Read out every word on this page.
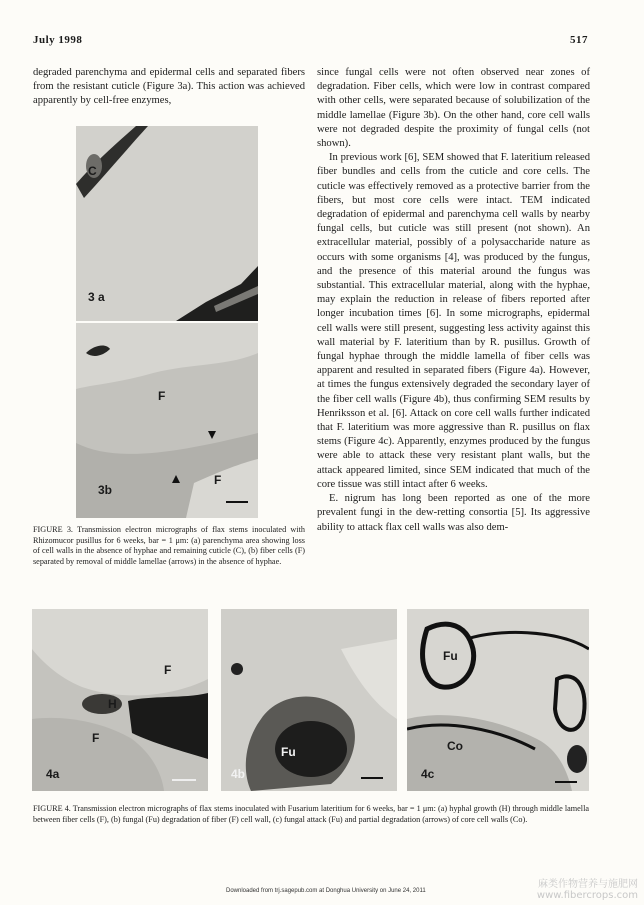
July 1998	517

degraded parenchyma and epidermal cells and separated fibers from the resistant cuticle (Figure 3a). This action was achieved apparently by cell-free enzymes,

C
3 a
F
F
3b
FIGURE 3. Transmission electron micrographs of flax stems inoculated with Rhizomucor pusillus for 6 weeks, bar = 1 μm: (a) parenchyma area showing loss of cell walls in the absence of hyphae and remaining cuticle (C), (b) fiber cells (F) separated by removal of middle lamellae (arrows) in the absence of hyphae.

since fungal cells were not often observed near zones of degradation. Fiber cells, which were low in contrast compared with other cells, were separated because of solubilization of the middle lamellae (Figure 3b). On the other hand, core cell walls were not degraded despite the proximity of fungal cells (not shown).

In previous work [6], SEM showed that F. lateritium released fiber bundles and cells from the cuticle and core cells. The cuticle was effectively removed as a protective barrier from the fibers, but most core cells were intact. TEM indicated degradation of epidermal and parenchyma cell walls by nearby fungal cells, but cuticle was still present (not shown). An extracellular material, possibly of a polysaccharide nature as occurs with some organisms [4], was produced by the fungus, and the presence of this material around the fungus was substantial. This extracellular material, along with the hyphae, may explain the reduction in release of fibers reported after longer incubation times [6]. In some micrographs, epidermal cell walls were still present, suggesting less activity against this wall material by F. lateritium than by R. pusillus. Growth of fungal hyphae through the middle lamella of fiber cells was apparent and resulted in separated fibers (Figure 4a). However, at times the fungus extensively degraded the secondary layer of the fiber cell walls (Figure 4b), thus confirming SEM results by Henriksson et al. [6]. Attack on core cell walls further indicated that F. lateritium was more aggressive than R. pusillus on flax stems (Figure 4c). Apparently, enzymes produced by the fungus were able to attack these very resistant plant walls, but the attack appeared limited, since SEM indicated that much of the core tissue was still intact after 6 weeks.

E. nigrum has long been reported as one of the more prevalent fungi in the dew-retting consortia [5]. Its aggressive ability to attack flax cell walls was also dem-

F
H
F
4a
Fu
4b
Fu
Co
4c
FIGURE 4. Transmission electron micrographs of flax stems inoculated with Fusarium lateritium for 6 weeks, bar = 1 μm: (a) hyphal growth (H) through middle lamella between fiber cells (F), (b) fungal (Fu) degradation of fiber (F) cell wall, (c) fungal attack (Fu) and partial degradation (arrows) of core cell walls (Co).
Downloaded from trj.sagepub.com at Donghua University on June 24, 2011
麻类作物营养与施肥网
www.fibercrops.com
